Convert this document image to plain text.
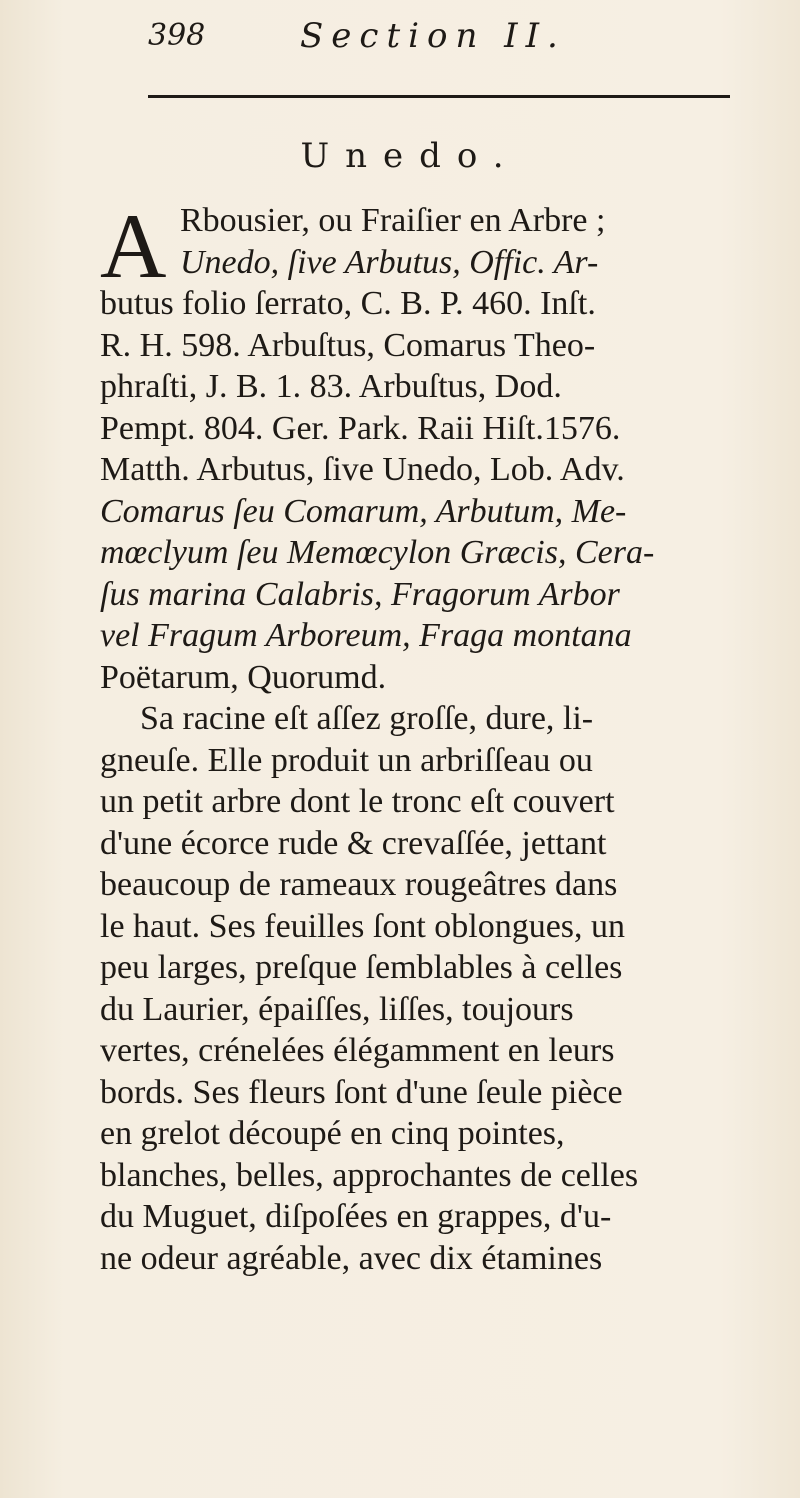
398	Section II.
Unedo.
A Rbousier, ou Fraiſier en Arbre ;
Unedo, ſive Arbutus, Offic. Ar-
butus folio ſerrato, C. B. P. 460. Inſt.
R. H. 598. Arbuſtus, Comarus Theo-
phraſti, J. B. 1. 83. Arbuſtus, Dod.
Pempt. 804. Ger. Park. Raii Hiſt.1576.
Matth. Arbutus, ſive Unedo, Lob. Adv.
Comarus ſeu Comarum, Arbutum, Me-
mœclyum ſeu Memœcylon Græcis, Cera-
ſus marina Calabris, Fragorum Arbor
vel Fragum Arboreum, Fraga montana
Poëtarum, Quorumd.
Sa racine eſt aſſez groſſe, dure, li-
gneuſe. Elle produit un arbriſſeau ou
un petit arbre dont le tronc eſt couvert
d'une écorce rude & crevaſſée, jettant
beaucoup de rameaux rougeâtres dans
le haut. Ses feuilles ſont oblongues, un
peu larges, preſque ſemblables à celles
du Laurier, épaiſſes, liſſes, toujours
vertes, crénelées élégamment en leurs
bords. Ses fleurs ſont d'une ſeule pièce
en grelot découpé en cinq pointes,
blanches, belles, approchantes de celles
du Muguet, diſpoſées en grappes, d'u-
ne odeur agréable, avec dix étamines
